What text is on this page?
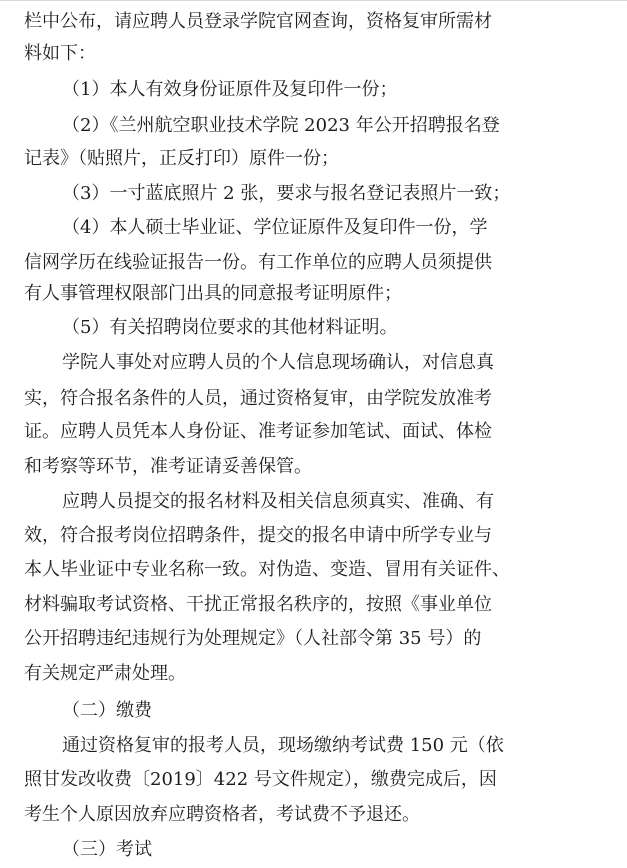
栏中公布，请应聘人员登录学院官网查询，资格复审所需材
料如下：
（1）本人有效身份证原件及复印件一份；
（2）《兰州航空职业技术学院 2023 年公开招聘报名登
记表》（贴照片，正反打印）原件一份；
（3）一寸蓝底照片 2 张，要求与报名登记表照片一致；
（4）本人硕士毕业证、学位证原件及复印件一份，学
信网学历在线验证报告一份。有工作单位的应聘人员须提供
有人事管理权限部门出具的同意报考证明原件；
（5）有关招聘岗位要求的其他材料证明。
学院人事处对应聘人员的个人信息现场确认，对信息真
实，符合报名条件的人员，通过资格复审，由学院发放准考
证。应聘人员凭本人身份证、准考证参加笔试、面试、体检
和考察等环节，准考证请妥善保管。
应聘人员提交的报名材料及相关信息须真实、准确、有
效，符合报考岗位招聘条件，提交的报名申请中所学专业与
本人毕业证中专业名称一致。对伪造、变造、冒用有关证件、
材料骗取考试资格、干扰正常报名秩序的，按照《事业单位
公开招聘违纪违规行为处理规定》（人社部令第 35 号）的
有关规定严肃处理。
（二）缴费
通过资格复审的报考人员，现场缴纳考试费 150 元（依
照甘发改收费〔2019〕422 号文件规定），缴费完成后，因
考生个人原因放弃应聘资格者，考试费不予退还。
（三）考试
